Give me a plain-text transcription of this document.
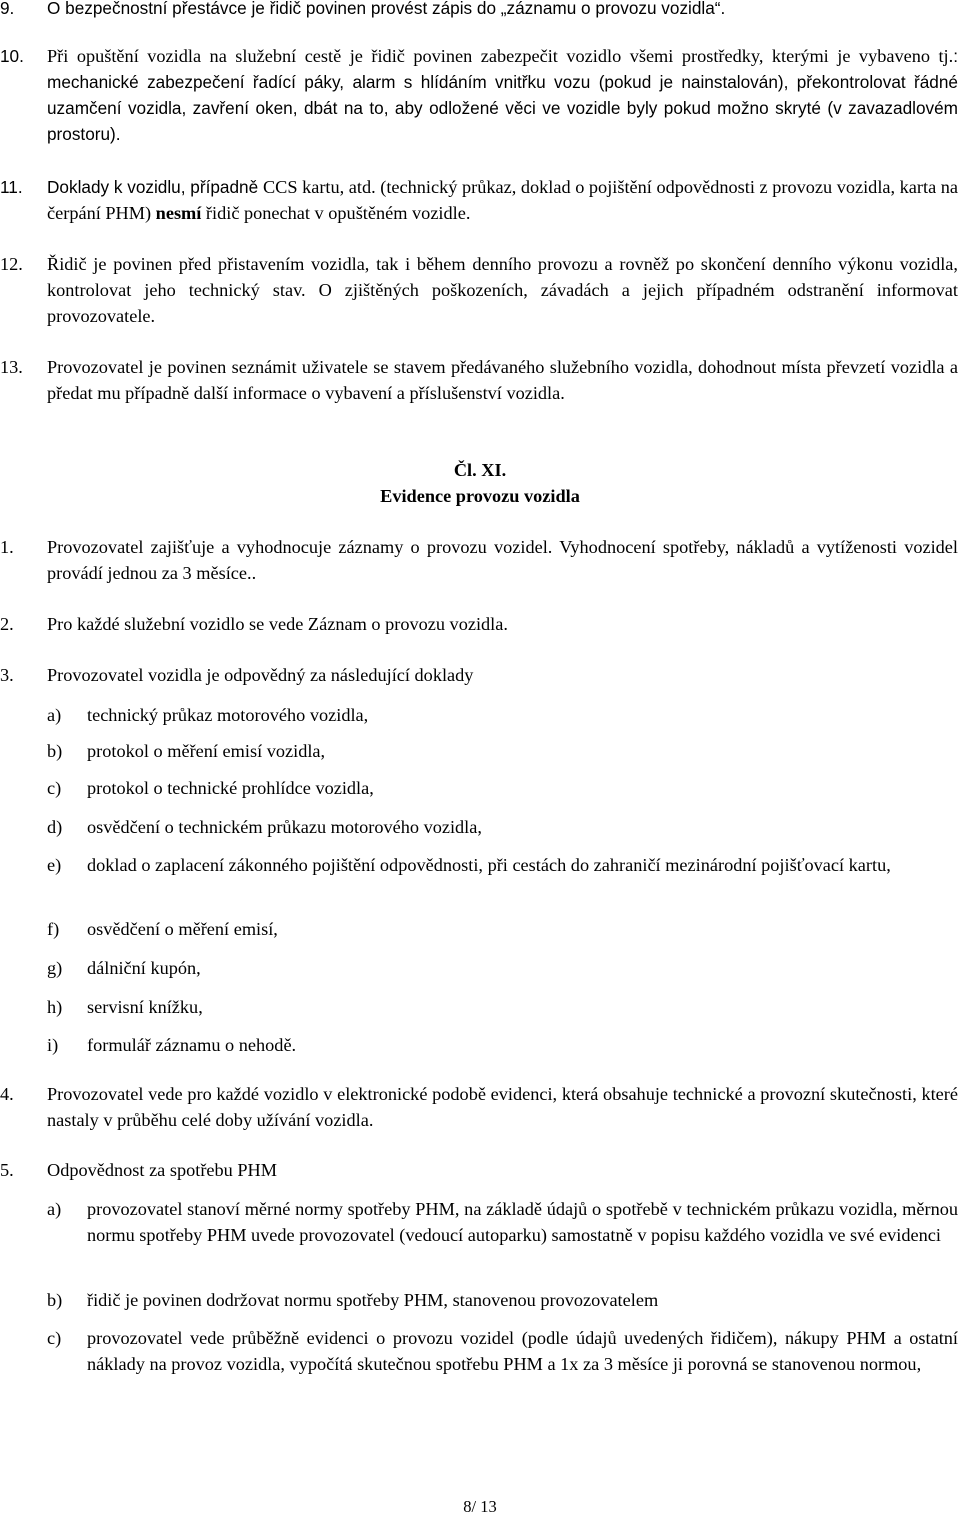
9. O bezpečnostní přestávce je řidič povinen provést zápis do „záznamu o provozu vozidla“.
10. Při opuštění vozidla na služební cestě je řidič povinen zabezpečit vozidlo všemi prostředky, kterými je vybaveno tj.: mechanické zabezpečení řadící páky, alarm s hlídáním vnitřku vozu (pokud je nainstalován), překontrolovat řádné uzamčení vozidla, zavření oken, dbát na to, aby odložené věci ve vozidle byly pokud možno skryté (v zavazadlovém prostoru).
11. Doklady k vozidlu, případně CCS kartu, atd. (technický průkaz, doklad o pojištění odpovědnosti z provozu vozidla, karta na čerpání PHM) nesmí řidič ponechat v opuštěném vozidle.
12. Řidič je povinen před přistavením vozidla, tak i během denního provozu a rovněž po skončení denního výkonu vozidla, kontrolovat jeho technický stav. O zjištěných poškozeních, závadách a jejich případném odstranění informovat provozovatele.
13. Provozovatel je povinen seznámit uživatele se stavem předávaného služebního vozidla, dohodnout místa převzetí vozidla a předat mu případně další informace o vybavení a příslušenství vozidla.
Čl. XI.
Evidence provozu vozidla
1. Provozovatel zajišťuje a vyhodnocuje záznamy o provozu vozidel. Vyhodnocení spotřeby, nákladů a vytíženosti vozidel provádí jednou za 3 měsíce..
2. Pro každé služební vozidlo se vede Záznam o provozu vozidla.
3. Provozovatel vozidla je odpovědný za následující doklady
a) technický průkaz motorového vozidla,
b) protokol o měření emisí vozidla,
c) protokol o technické prohlídce vozidla,
d) osvědčení o technickém průkazu motorového vozidla,
e) doklad o zaplacení zákonného pojištění odpovědnosti, při cestách do zahraničí mezinárodní pojišťovací kartu,
f) osvědčení o měření emisí,
g) dálniční kupón,
h) servisní knížku,
i) formulář záznamu o nehodě.
4. Provozovatel vede pro každé vozidlo v elektronické podobě evidenci, která obsahuje technické a provozní skutečnosti, které nastaly v průběhu celé doby užívání vozidla.
5. Odpovědnost za spotřebu PHM
a) provozovatel stanoví měrné normy spotřeby PHM, na základě údajů o spotřebě v technickém průkazu vozidla, měrnou normu spotřeby PHM uvede provozovatel (vedoucí autoparku) samostatně v popisu každého vozidla ve své evidenci
b) řidič je povinen dodržovat normu spotřeby PHM, stanovenou provozovatelem
c) provozovatel vede průběžně evidenci o provozu vozidel (podle údajů uvedených řidičem), nákupy PHM a ostatní náklady na provoz vozidla, vypočítá skutečnou spotřebu PHM a 1x za 3 měsíce ji porovná se stanovenou normou,
8/ 13
